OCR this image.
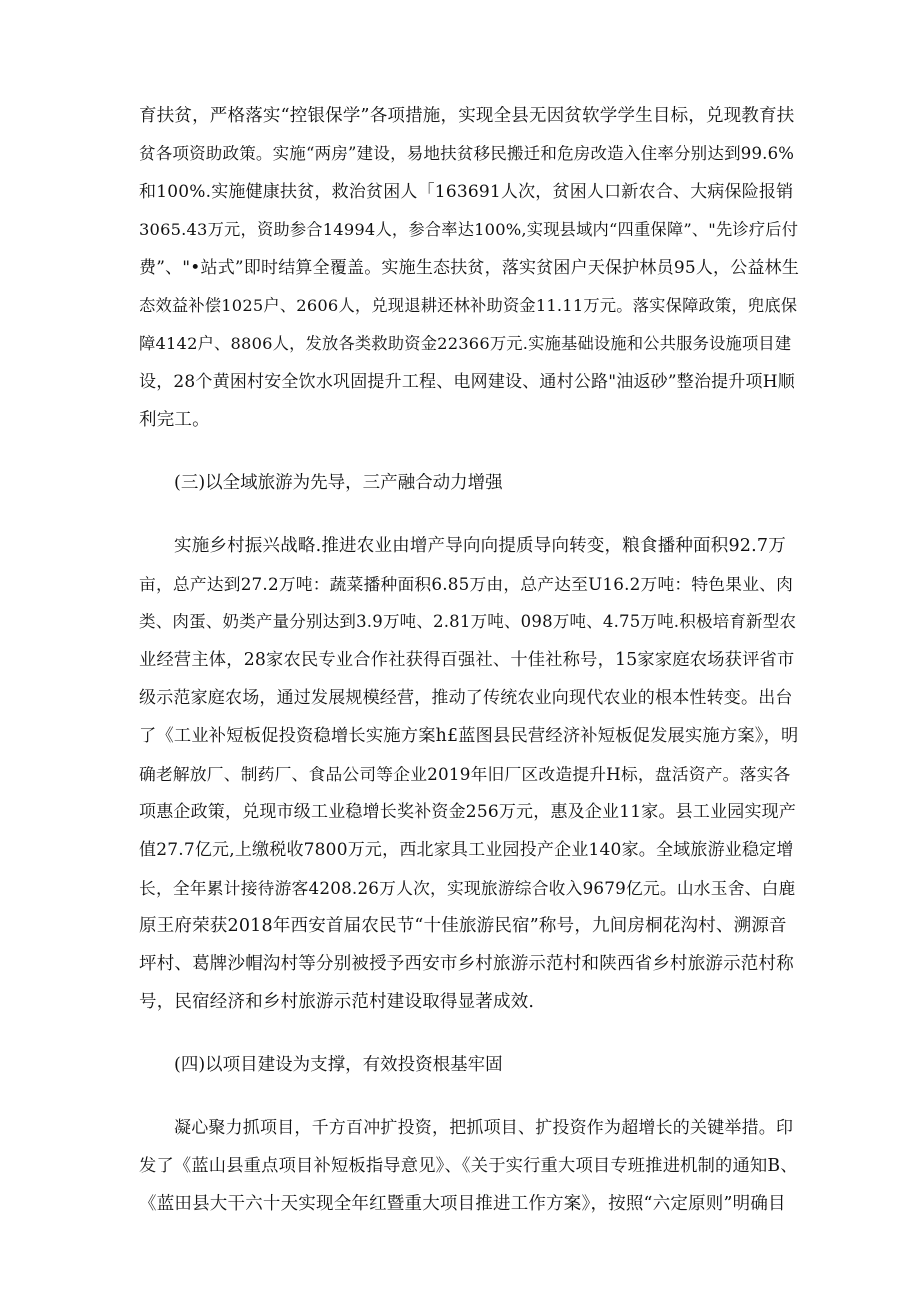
育扶贫，严格落实“控银保学”各项措施，实现全县无因贫软学学生目标，兑现教育扶
贫各项资助政策。实施“两房”建设，易地扶贫移民搬迁和危房改造入住率分别达到99.6%
和100%.实施健康扶贫，救治贫困人「163691人次，贫困人口新农合、大病保险报销
3065.43万元，资助参合14994人，参合率达100%,实现县域内“四重保障”、"先诊疗后付
费”、"•站式”即时结算全覆盖。实施生态扶贫，落实贫困户天保护林员95人，公益林生
态效益补偿1025户、2606人，兑现退耕还林补助资金11.11万元。落实保障政策，兜底保
障4142户、8806人，发放各类救助资金22366万元.实施基础设施和公共服务设施项目建
设，28个黄困村安全饮水巩固提升工程、电网建设、通村公路"油返砂”整治提升项H顺
利完工。
(三)以全域旅游为先导，三产融合动力增强
实施乡村振兴战略.推进农业由增产导向向提质导向转变，粮食播种面积92.7万
亩，总产达到27.2万吨：蔬菜播种面积6.85万由，总产达至U16.2万吨：特色果业、肉
类、肉蛋、奶类产量分别达到3.9万吨、2.81万吨、098万吨、4.75万吨.积极培育新型农
业经营主体，28家农民专业合作社获得百强社、十佳社称号，15家家庭农场获评省市
级示范家庭农场，通过发展规模经营，推动了传统农业向现代农业的根本性转变。出台
了《工业补短板促投资稳增长实施方案h£蓝图县民营经济补短板促发展实施方案》，明
确老解放厂、制药厂、食品公司等企业2019年旧厂区改造提升H标，盘活资产。落实各
项惠企政策，兑现市级工业稳增长奖补资金256万元，惠及企业11家。县工业园实现产
值27.7亿元,上缴税收7800万元，西北家具工业园投产企业140家。全域旅游业稳定增
长，全年累计接待游客4208.26万人次，实现旅游综合收入9679亿元。山水玉舍、白鹿
原王府荣获2018年西安首届农民节“十佳旅游民宿”称号，九间房桐花沟村、溯源音
坪村、葛牌沙帽沟村等分别被授予西安市乡村旅游示范村和陕西省乡村旅游示范村称
号，民宿经济和乡村旅游示范村建设取得显著成效.
(四)以项目建设为支撑，有效投资根基牢固
凝心聚力抓项目，千方百冲扩投资，把抓项目、扩投资作为超增长的关键举措。印
发了《蓝山县重点项目补短板指导意见》、《关于实行重大项目专班推进机制的通知B、
《蓝田县大干六十天实现全年红暨重大项目推进工作方案》，按照“六定原则”明确目
